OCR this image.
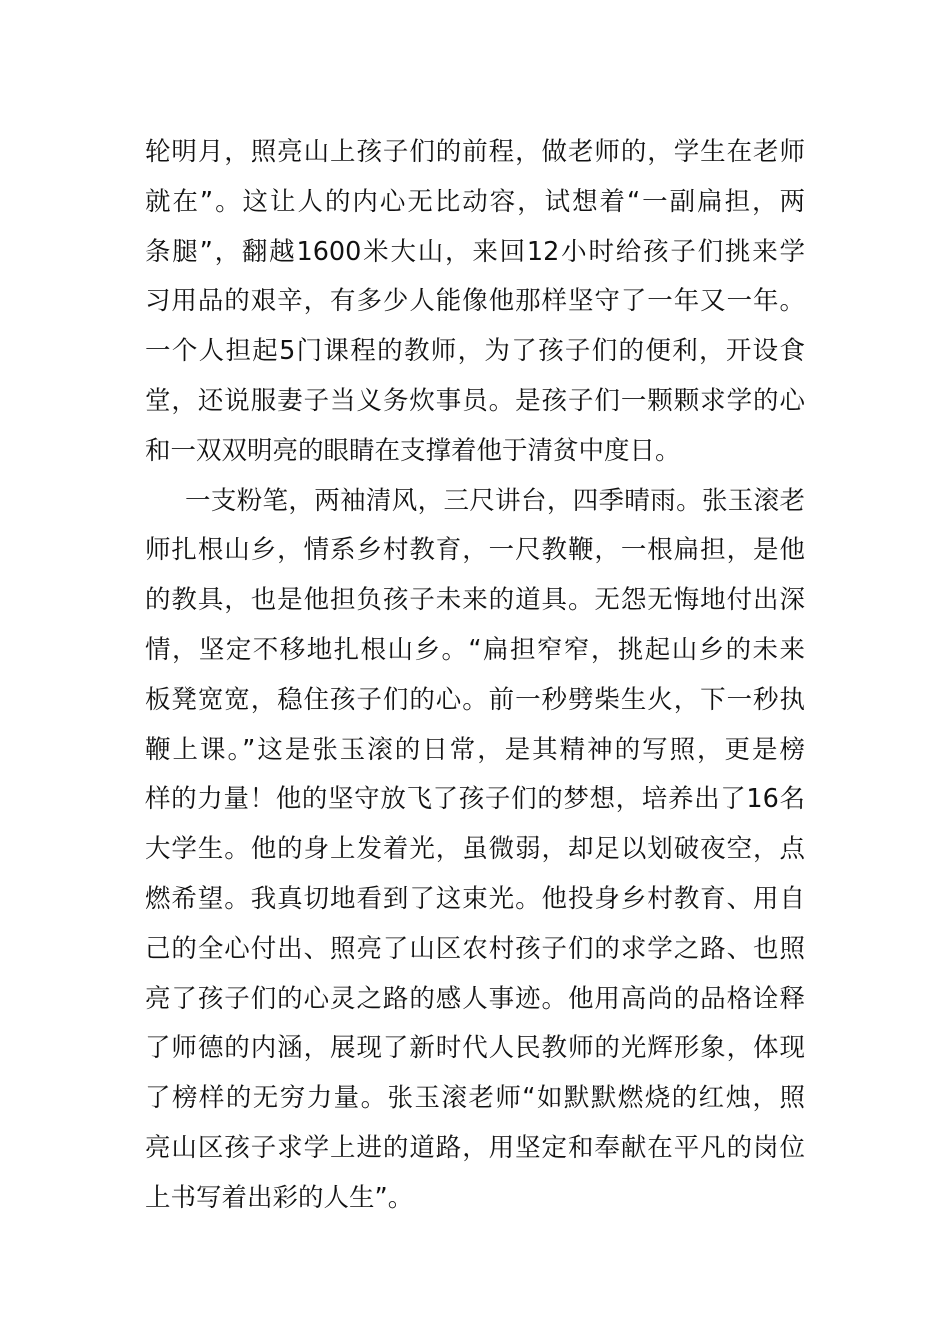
轮明月，照亮山上孩子们的前程，做老师的，学生在老师
就在”。这让人的内心无比动容，试想着“一副扁担，两
条腿”，翻越1600米大山，来回12小时给孩子们挑来学
习用品的艰辛，有多少人能像他那样坚守了一年又一年。
一个人担起5门课程的教师，为了孩子们的便利，开设食
堂，还说服妻子当义务炊事员。是孩子们一颗颗求学的心
和一双双明亮的眼睛在支撑着他于清贫中度日。
一支粉笔，两袖清风，三尺讲台，四季晴雨。张玉滚老
师扎根山乡，情系乡村教育，一尺教鞭，一根扁担，是他
的教具，也是他担负孩子未来的道具。无怨无悔地付出深
情，坚定不移地扎根山乡。“扁担窄窄，挑起山乡的未来
板凳宽宽，稳住孩子们的心。前一秒劈柴生火，下一秒执
鞭上课。”这是张玉滚的日常，是其精神的写照，更是榜
样的力量！他的坚守放飞了孩子们的梦想，培养出了16名
大学生。他的身上发着光，虽微弱，却足以划破夜空，点
燃希望。我真切地看到了这束光。他投身乡村教育、用自
己的全心付出、照亮了山区农村孩子们的求学之路、也照
亮了孩子们的心灵之路的感人事迹。他用高尚的品格诠释
了师德的内涵，展现了新时代人民教师的光辉形象，体现
了榜样的无穷力量。张玉滚老师“如默默燃烧的红烛，照
亮山区孩子求学上进的道路，用坚定和奉献在平凡的岗位
上书写着出彩的人生”。
